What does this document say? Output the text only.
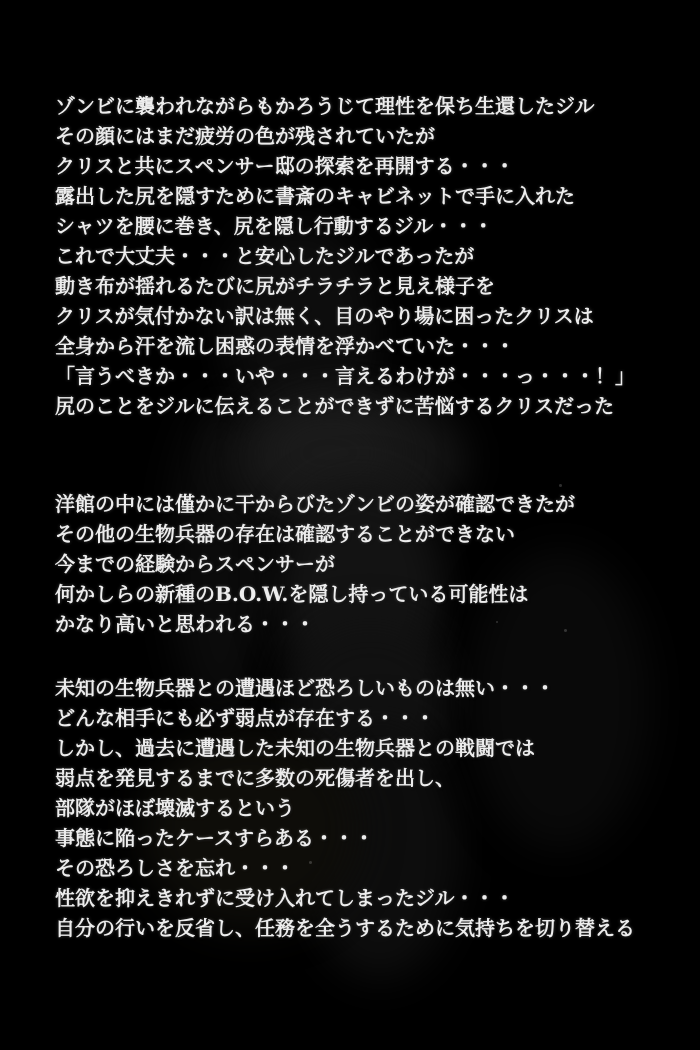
ゾンビに襲われながらもかろうじて理性を保ち生還したジル
その顔にはまだ疲労の色が残されていたが
クリスと共にスペンサー邸の探索を再開する・・・
露出した尻を隠すために書斎のキャビネットで手に入れた
シャツを腰に巻き、尻を隠し行動するジル・・・
これで大丈夫・・・と安心したジルであったが
動き布が揺れるたびに尻がチラチラと見え様子を
クリスが気付かない訳は無く、目のやり場に困ったクリスは
全身から汗を流し困惑の表情を浮かべていた・・・
「言うべきか・・・いや・・・言えるわけが・・・っ・・・！」
尻のことをジルに伝えることができずに苦悩するクリスだった
洋館の中には僅かに干からびたゾンビの姿が確認できたが
その他の生物兵器の存在は確認することができない
今までの経験からスペンサーが
何かしらの新種のB.O.W.を隠し持っている可能性は
かなり高いと思われる・・・
未知の生物兵器との遭遇ほど恐ろしいものは無い・・・
どんな相手にも必ず弱点が存在する・・・
しかし、過去に遭遇した未知の生物兵器との戦闘では
弱点を発見するまでに多数の死傷者を出し、
部隊がほぼ壊滅するという
事態に陥ったケースすらある・・・
その恐ろしさを忘れ・・・
性欲を抑えきれずに受け入れてしまったジル・・・
自分の行いを反省し、任務を全うするために気持ちを切り替える
